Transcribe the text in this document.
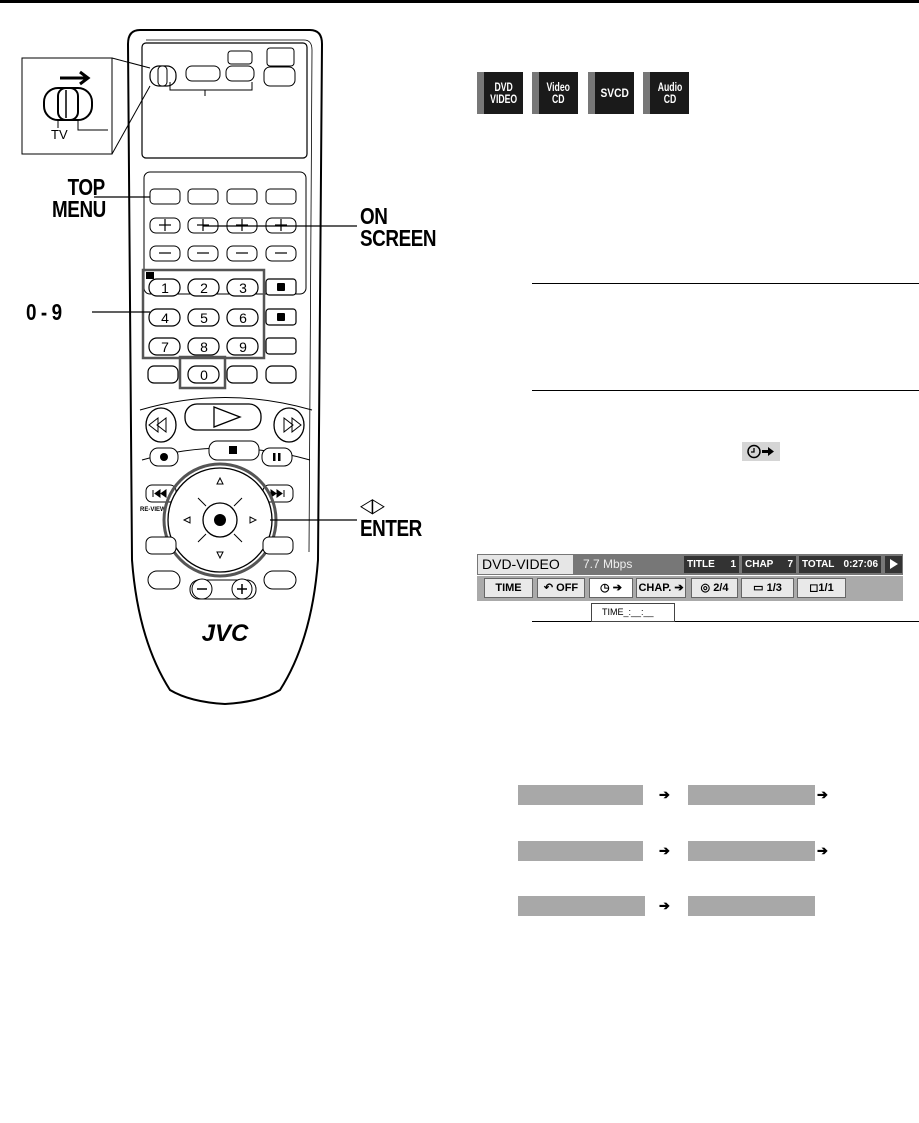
1 2 3
4 5 6
7 8 9
0
RE-VIEW
JVC
TV
TOP
MENU	ON
SCREEN
0 - 9
◁▷
ENTER
DVD
VIDEO
Video
CD	SVCD Audio
CD
DVD-VIDEO	7.7 Mbps	TITLE 1 CHAP 7 TOTAL 0:27:06
TIME	↶ OFF	◷ ➔	CHAP. ➔	◎ 2/4	▭ 1/3	◻1/1
TIME_:__:__
➔	➔
➔	➔
➔
